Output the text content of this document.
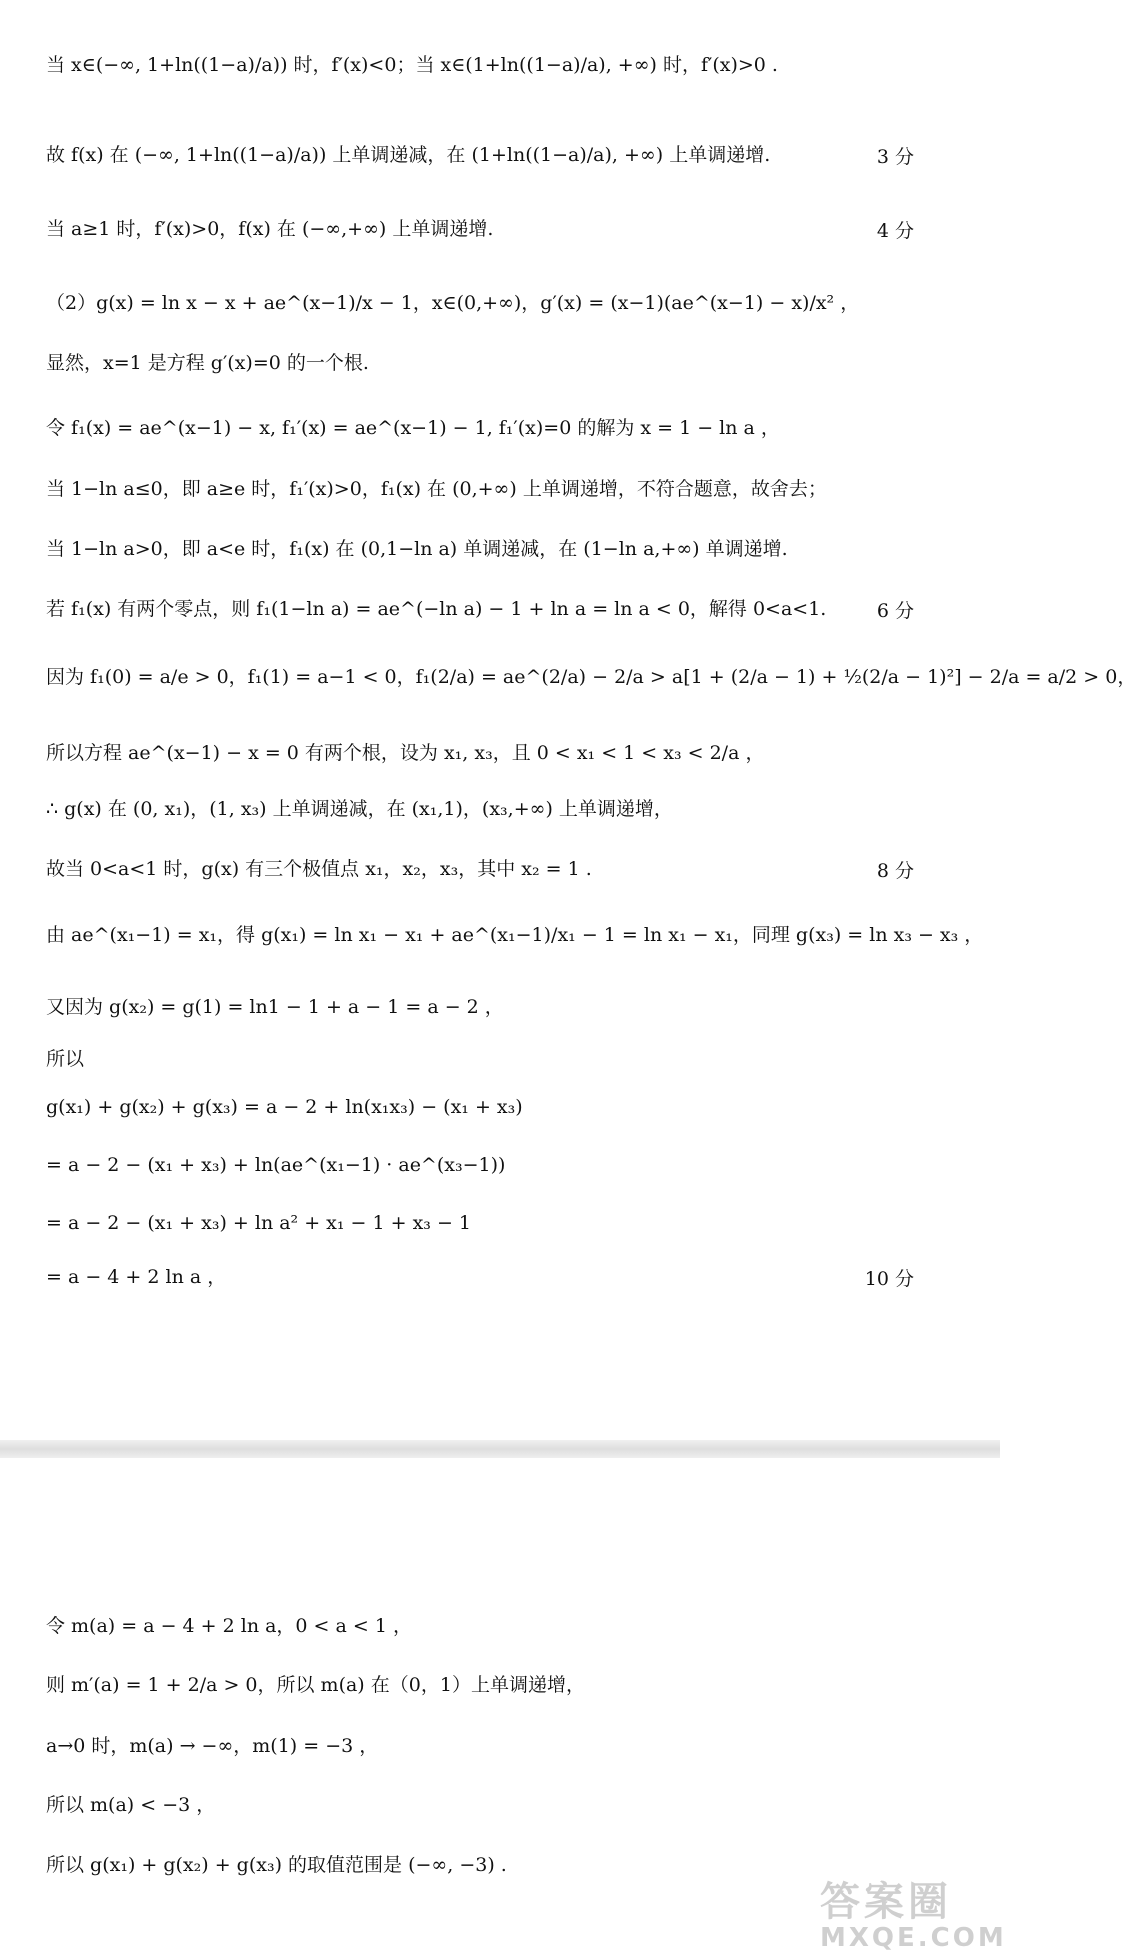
当 x∈(−∞, 1+ln((1−a)/a)) 时，f′(x)<0；当 x∈(1+ln((1−a)/a), +∞) 时，f′(x)>0 .
故 f(x) 在 (−∞, 1+ln((1−a)/a)) 上单调递减，在 (1+ln((1−a)/a), +∞) 上单调递增.	3 分
当 a≥1 时，f′(x)>0，f(x) 在 (−∞,+∞) 上单调递增.	4 分
（2）g(x) = ln x − x + ae^(x−1)/x − 1，x∈(0,+∞)，g′(x) = (x−1)(ae^(x−1) − x)/x² ，
显然，x=1 是方程 g′(x)=0 的一个根.
令 f₁(x) = ae^(x−1) − x, f₁′(x) = ae^(x−1) − 1, f₁′(x)=0 的解为 x = 1 − ln a ，
当 1−ln a≤0，即 a≥e 时，f₁′(x)>0，f₁(x) 在 (0,+∞) 上单调递增，不符合题意，故舍去；
当 1−ln a>0，即 a<e 时，f₁(x) 在 (0,1−ln a) 单调递减，在 (1−ln a,+∞) 单调递增.
若 f₁(x) 有两个零点，则 f₁(1−ln a) = ae^(−ln a) − 1 + ln a = ln a < 0，解得 0<a<1.	6 分
因为 f₁(0) = a/e > 0，f₁(1) = a−1 < 0，f₁(2/a) = ae^(2/a) − 2/a > a[1 + (2/a − 1) + ½(2/a − 1)²] − 2/a = a/2 > 0，
所以方程 ae^(x−1) − x = 0 有两个根，设为 x₁, x₃，且 0 < x₁ < 1 < x₃ < 2/a ，
∴ g(x) 在 (0, x₁)，(1, x₃) 上单调递减，在 (x₁,1)，(x₃,+∞) 上单调递增，
故当 0<a<1 时，g(x) 有三个极值点 x₁，x₂，x₃，其中 x₂ = 1 .	8 分
由 ae^(x₁−1) = x₁，得 g(x₁) = ln x₁ − x₁ + ae^(x₁−1)/x₁ − 1 = ln x₁ − x₁，同理 g(x₃) = ln x₃ − x₃ ，
又因为 g(x₂) = g(1) = ln1 − 1 + a − 1 = a − 2 ，
所以
g(x₁) + g(x₂) + g(x₃) = a − 2 + ln(x₁x₃) − (x₁ + x₃)
= a − 2 − (x₁ + x₃) + ln(ae^(x₁−1) · ae^(x₃−1))
= a − 2 − (x₁ + x₃) + ln a² + x₁ − 1 + x₃ − 1
= a − 4 + 2 ln a ，	10 分
令 m(a) = a − 4 + 2 ln a，0 < a < 1 ，
则 m′(a) = 1 + 2/a > 0，所以 m(a) 在（0，1）上单调递增，
a→0 时，m(a) → −∞，m(1) = −3 ，
所以 m(a) < −3 ，
所以 g(x₁) + g(x₂) + g(x₃) 的取值范围是 (−∞, −3) .
答案圈
MXQE.COM
